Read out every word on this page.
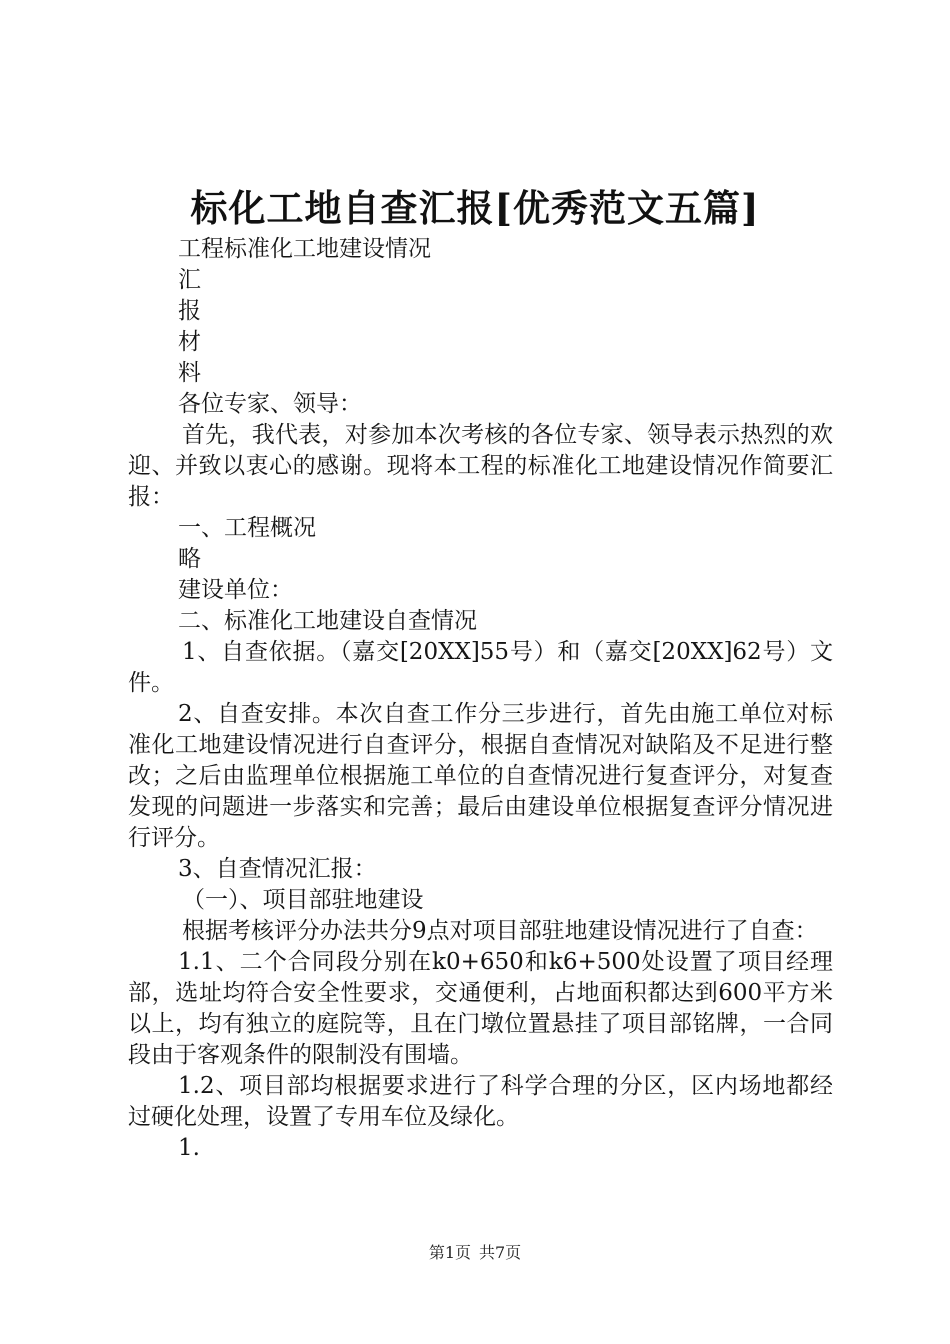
标化工地自查汇报[优秀范文五篇]

工程标准化工地建设情况

汇

报

材

料

各位专家、领导：

首先，我代表，对参加本次考核的各位专家、领导表示热烈的欢迎、并致以衷心的感谢。现将本工程的标准化工地建设情况作简要汇报：

一、工程概况

略

建设单位：

二、标准化工地建设自查情况

1、自查依据。（嘉交[20XX]55号）和（嘉交[20XX]62号）文件。

2、自查安排。本次自查工作分三步进行，首先由施工单位对标准化工地建设情况进行自查评分，根据自查情况对缺陷及不足进行整改；之后由监理单位根据施工单位的自查情况进行复查评分，对复查发现的问题进一步落实和完善；最后由建设单位根据复查评分情况进行评分。

3、自查情况汇报：

（一）、项目部驻地建设

根据考核评分办法共分9点对项目部驻地建设情况进行了自查：

1.1、二个合同段分别在k0+650和k6+500处设置了项目经理部，选址均符合安全性要求，交通便利，占地面积都达到600平方米以上，均有独立的庭院等，且在门墩位置悬挂了项目部铭牌，一合同段由于客观条件的限制没有围墙。

1.2、项目部均根据要求进行了科学合理的分区，区内场地都经过硬化处理，设置了专用车位及绿化。

1.

第1页 共7页
